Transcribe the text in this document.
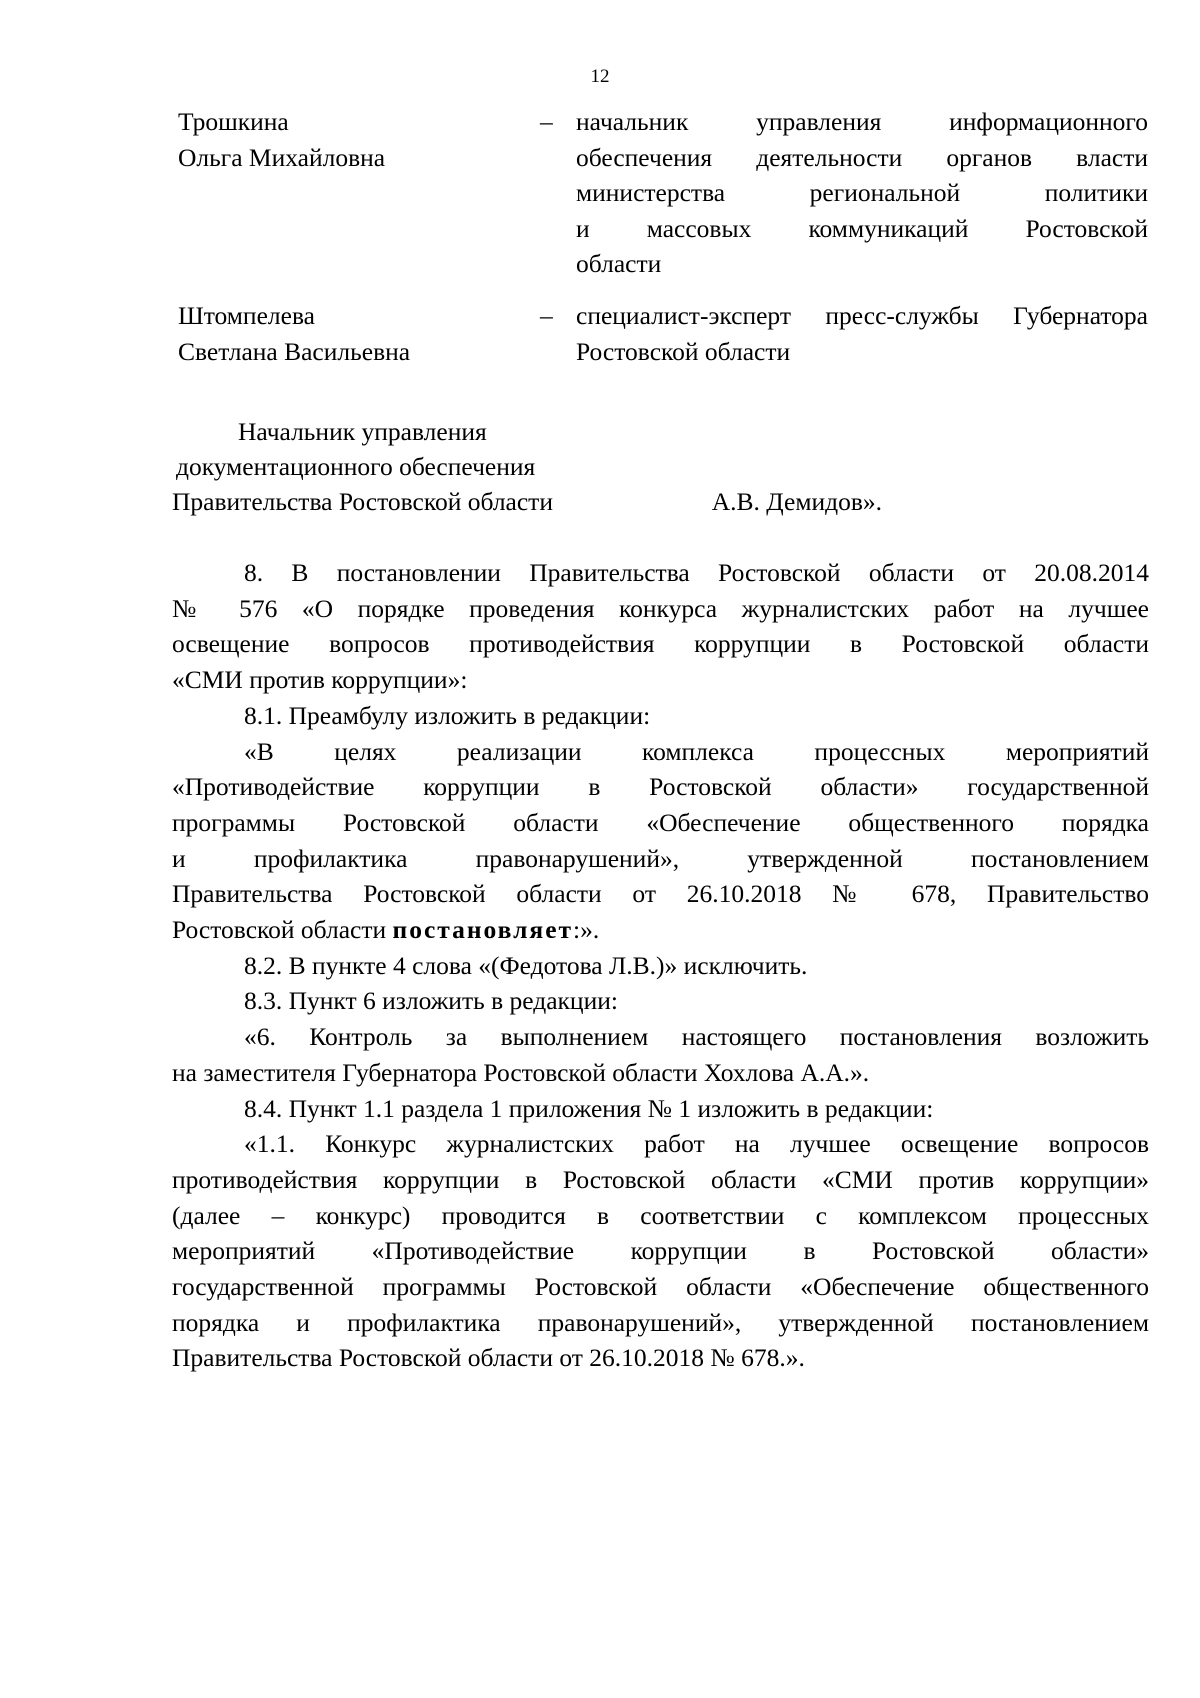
12
Трошкина
Ольга Михайловна
– начальник управления информационного
обеспечения деятельности органов власти
министерства региональной политики
и массовых коммуникаций Ростовской
области
Штомпелева
Светлана Васильевна
– специалист-эксперт пресс-службы Губернатора
Ростовской области
Начальник управления
документационного обеспечения
Правительства Ростовской области	А.В. Демидов».

8. В постановлении Правительства Ростовской области от 20.08.2014
№ 576 «О порядке проведения конкурса журналистских работ на лучшее
освещение вопросов противодействия коррупции в Ростовской области
«СМИ против коррупции»:

8.1. Преамбулу изложить в редакции:

«В целях реализации комплекса процессных мероприятий
«Противодействие коррупции в Ростовской области» государственной
программы Ростовской области «Обеспечение общественного порядка
и профилактика правонарушений», утвержденной постановлением
Правительства Ростовской области от 26.10.2018 № 678, Правительство
Ростовской области постановляет:».

8.2. В пункте 4 слова «(Федотова Л.В.)» исключить.

8.3. Пункт 6 изложить в редакции:

«6. Контроль за выполнением настоящего постановления возложить
на заместителя Губернатора Ростовской области Хохлова А.А.».

8.4. Пункт 1.1 раздела 1 приложения № 1 изложить в редакции:

«1.1. Конкурс журналистских работ на лучшее освещение вопросов
противодействия коррупции в Ростовской области «СМИ против коррупции»
(далее – конкурс) проводится в соответствии с комплексом процессных
мероприятий «Противодействие коррупции в Ростовской области»
государственной программы Ростовской области «Обеспечение общественного
порядка и профилактика правонарушений», утвержденной постановлением
Правительства Ростовской области от 26.10.2018 № 678.».
